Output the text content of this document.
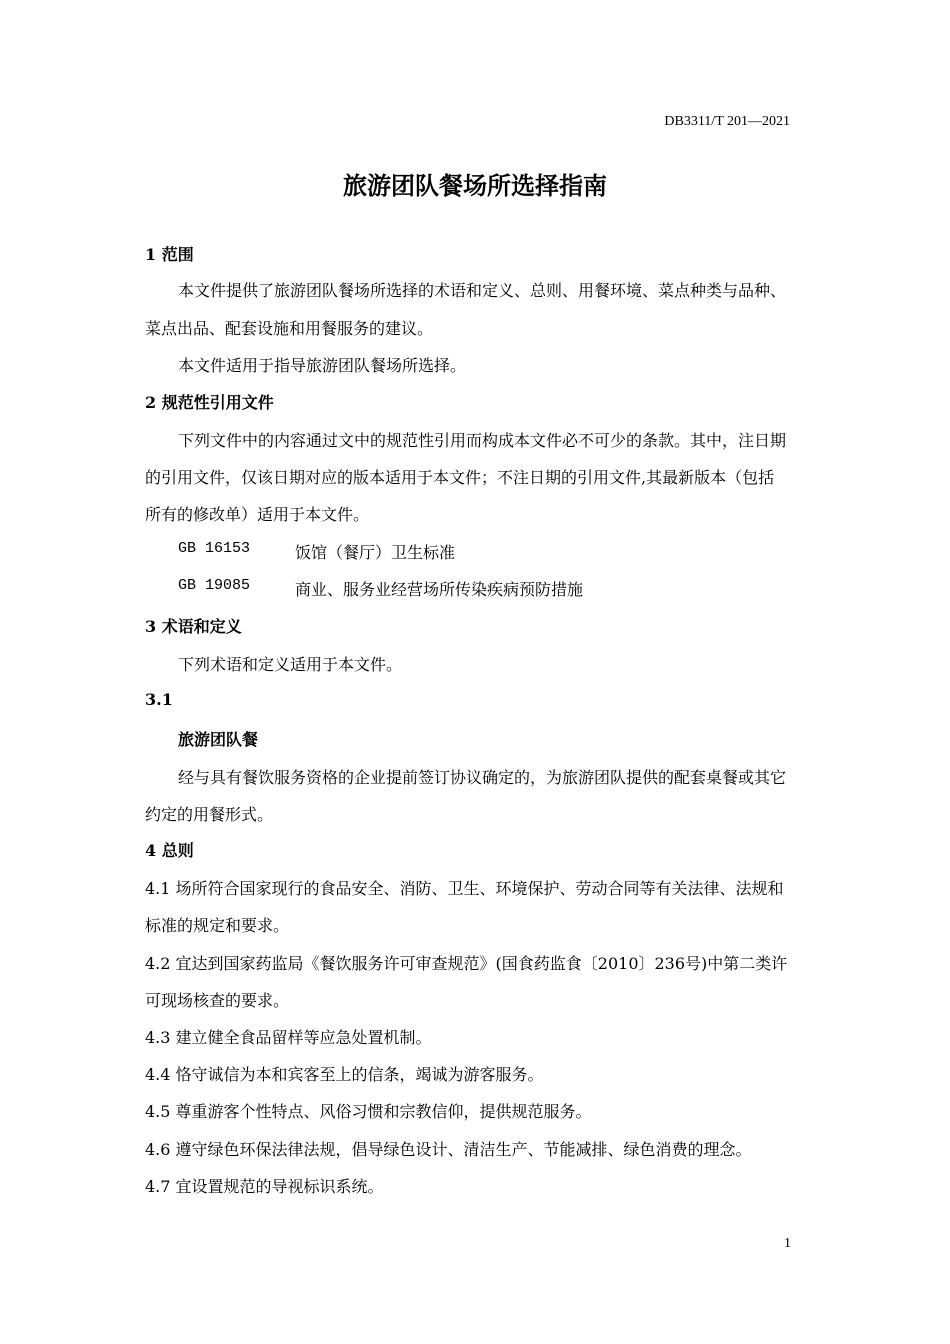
DB3311/T 201—2021
旅游团队餐场所选择指南
1 范围
本文件提供了旅游团队餐场所选择的术语和定义、总则、用餐环境、菜点种类与品种、
菜点出品、配套设施和用餐服务的建议。
本文件适用于指导旅游团队餐场所选择。
2 规范性引用文件
下列文件中的内容通过文中的规范性引用而构成本文件必不可少的条款。其中，注日期
的引用文件，仅该日期对应的版本适用于本文件；不注日期的引用文件,其最新版本（包括
所有的修改单）适用于本文件。
GB 16153	饭馆（餐厅）卫生标准
GB 19085	商业、服务业经营场所传染疾病预防措施
3 术语和定义
下列术语和定义适用于本文件。
3.1
旅游团队餐
经与具有餐饮服务资格的企业提前签订协议确定的，为旅游团队提供的配套桌餐或其它
约定的用餐形式。
4 总则
4.1 场所符合国家现行的食品安全、消防、卫生、环境保护、劳动合同等有关法律、法规和
标准的规定和要求。
4.2 宜达到国家药监局《餐饮服务许可审查规范》(国食药监食〔2010〕236号)中第二类许
可现场核查的要求。
4.3 建立健全食品留样等应急处置机制。
4.4 恪守诚信为本和宾客至上的信条，竭诚为游客服务。
4.5 尊重游客个性特点、风俗习惯和宗教信仰，提供规范服务。
4.6 遵守绿色环保法律法规，倡导绿色设计、清洁生产、节能减排、绿色消费的理念。
4.7 宜设置规范的导视标识系统。
1
